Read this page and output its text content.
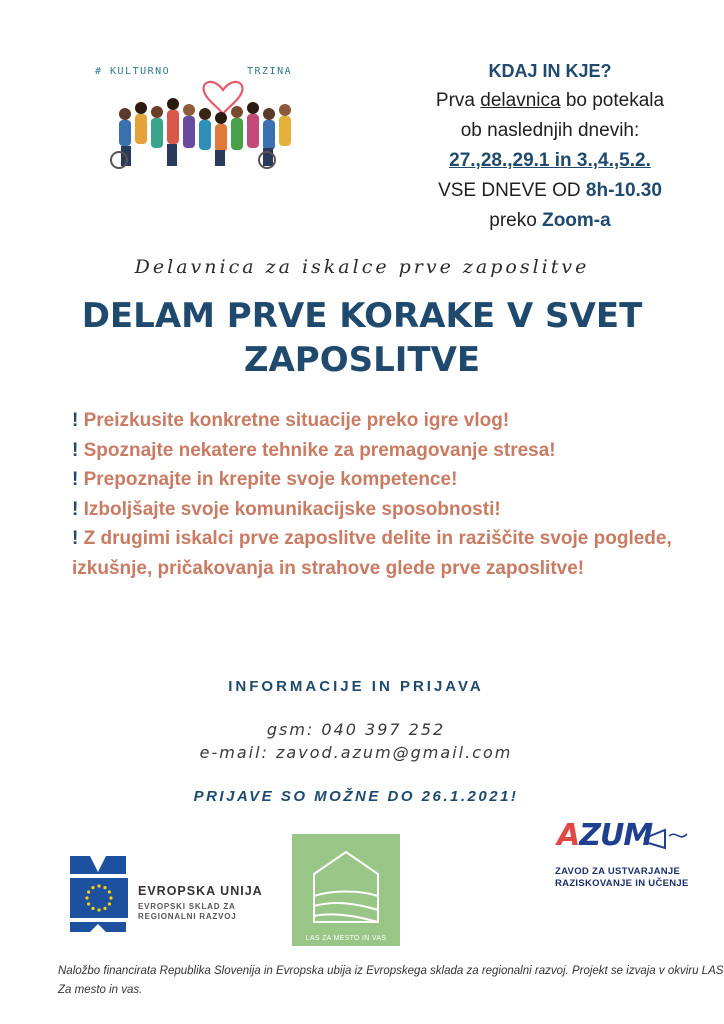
# KULTURNO	TRZINA	KDAJ IN KJE?
Prva delavnica bo potekala
ob naslednjih dnevih:
27.,28.,29.1 in 3.,4.,5.2.
VSE DNEVE OD 8h-10.30
preko Zoom-a
Delavnica za iskalce prve zaposlitve
DELAM PRVE KORAKE V SVET
ZAPOSLITVE
! Preizkusite konkretne situacije preko igre vlog!
! Spoznajte nekatere tehnike za premagovanje stresa!
! Prepoznajte in krepite svoje kompetence!
! Izboljšajte svoje komunikacijske sposobnosti!
! Z drugimi iskalci prve zaposlitve delite in raziščite svoje poglede, izkušnje, pričakovanja in strahove glede prve zaposlitve!
INFORMACIJE IN PRIJAVA
gsm: 040 397 252
e-mail: zavod.azum@gmail.com
PRIJAVE SO MOŽNE DO 26.1.2021!
EVROPSKA UNIJA
EVROPSKI SKLAD ZA
REGIONALNI RAZVOJ
LAS ZA MESTO IN VAS
AZUM
ZAVOD ZA USTVARJANJE
RAZISKOVANJE IN UČENJE
Naložbo financirata Republika Slovenija in Evropska ubija iz Evropskega sklada za regionalni razvoj. Projekt se izvaja v okviru LAS Za mesto in vas.
